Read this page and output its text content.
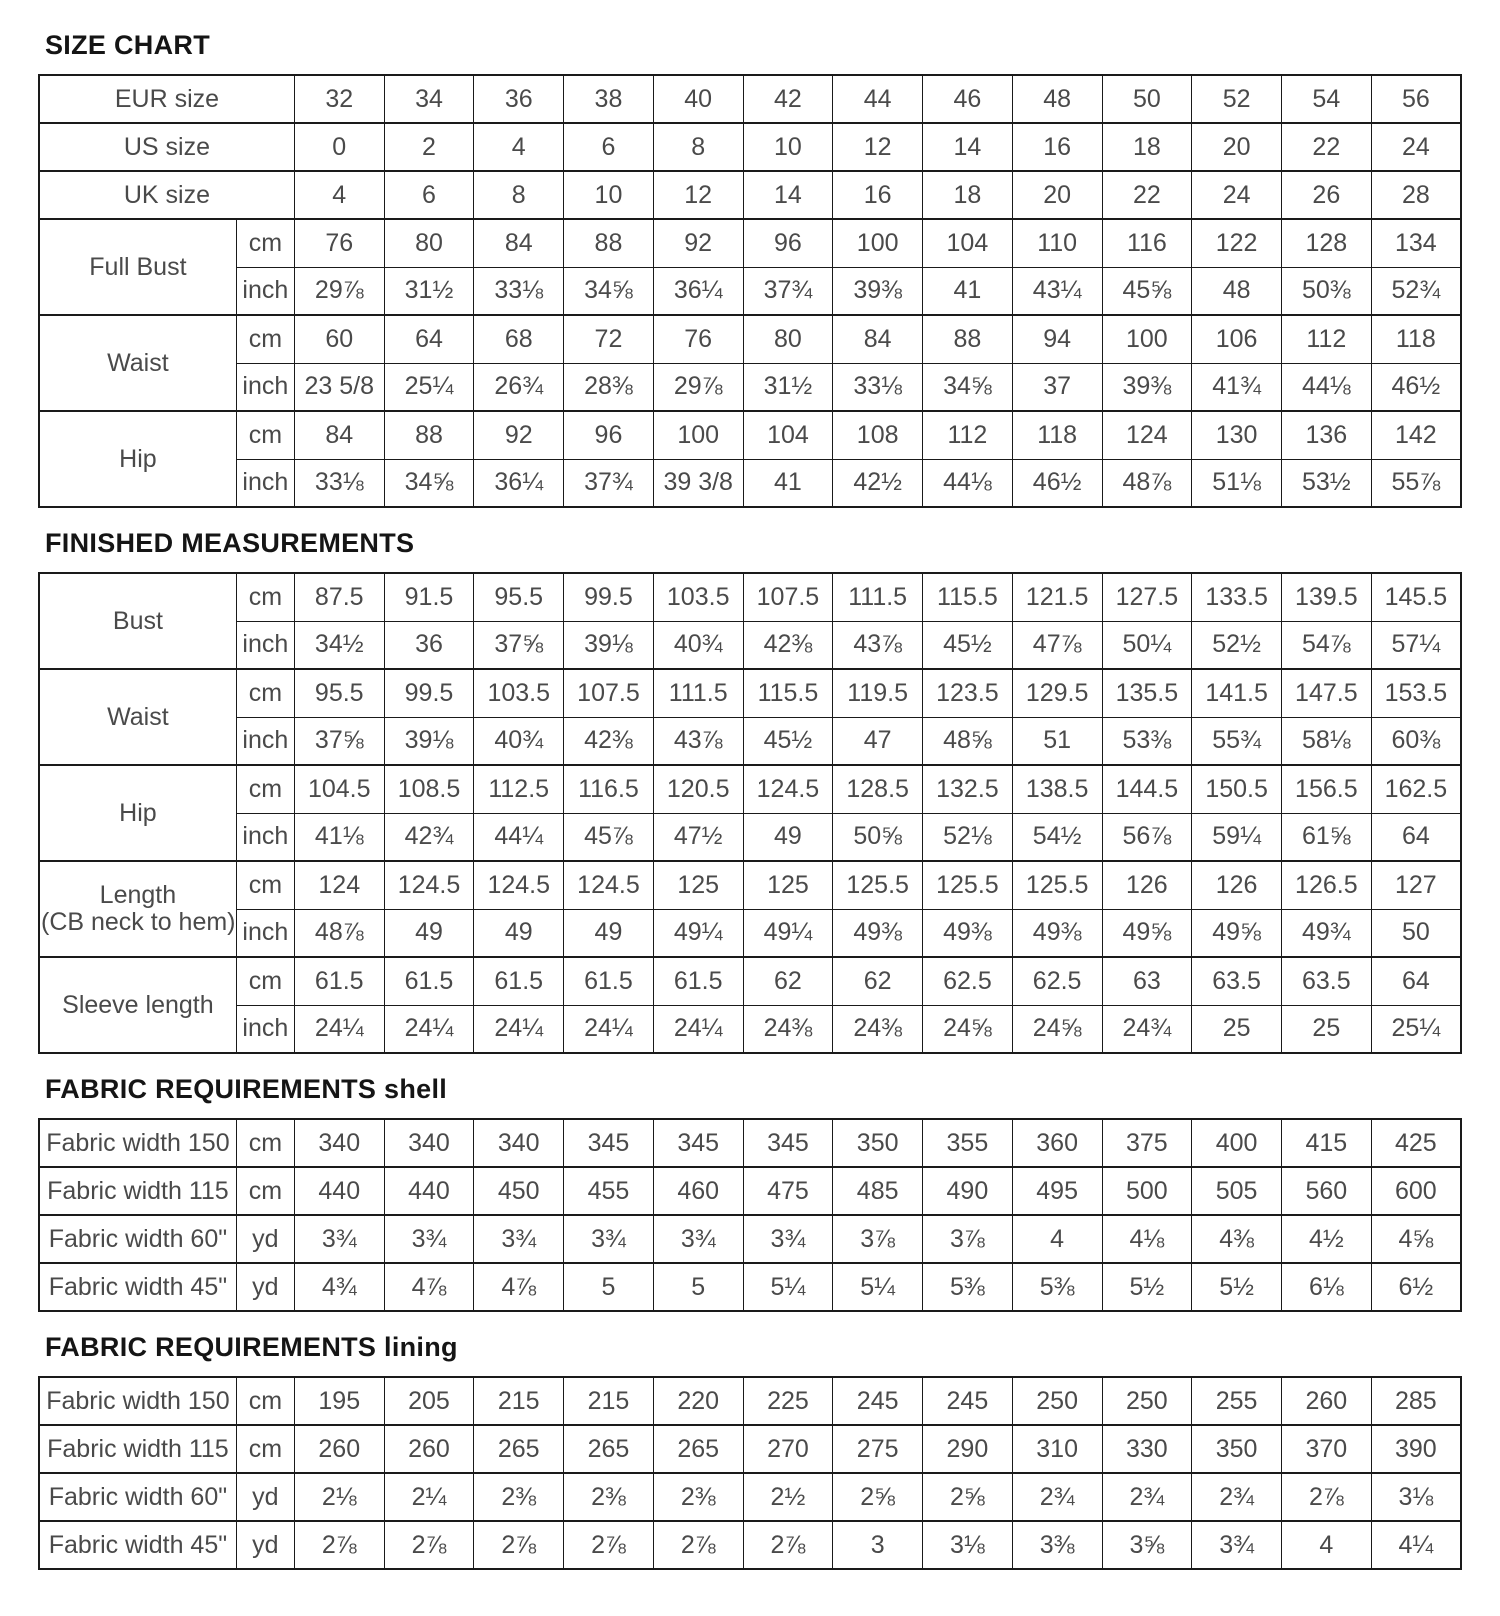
SIZE CHART
EUR size		32	34	36	38	40	42	44	46	48	50	52	54	56

US size		0	2	4	6	8	10	12	14	16	18	20	22	24

UK size		4	6	8	10	12	14	16	18	20	22	24	26	28

Full Bust	cm	76	80	84	88	92	96	100	104	110	116	122	128	134
	inch	29⅞	31½	33⅛	34⅝	36¼	37¾	39⅜	41	43¼	45⅝	48	50⅜	52¾

Waist	cm	60	64	68	72	76	80	84	88	94	100	106	112	118
	inch	23 5/8	25¼	26¾	28⅜	29⅞	31½	33⅛	34⅝	37	39⅜	41¾	44⅛	46½

Hip	cm	84	88	92	96	100	104	108	112	118	124	130	136	142
	inch	33⅛	34⅝	36¼	37¾	39 3/8	41	42½	44⅛	46½	48⅞	51⅛	53½	55⅞
FINISHED MEASUREMENTS
Bust	cm	87.5	91.5	95.5	99.5	103.5	107.5	111.5	115.5	121.5	127.5	133.5	139.5	145.5
	inch	34½	36	37⅝	39⅛	40¾	42⅜	43⅞	45½	47⅞	50¼	52½	54⅞	57¼

Waist	cm	95.5	99.5	103.5	107.5	111.5	115.5	119.5	123.5	129.5	135.5	141.5	147.5	153.5
	inch	37⅝	39⅛	40¾	42⅜	43⅞	45½	47	48⅝	51	53⅜	55¾	58⅛	60⅜

Hip	cm	104.5	108.5	112.5	116.5	120.5	124.5	128.5	132.5	138.5	144.5	150.5	156.5	162.5
	inch	41⅛	42¾	44¼	45⅞	47½	49	50⅝	52⅛	54½	56⅞	59¼	61⅝	64

Length
(CB neck to hem)	cm	124	124.5	124.5	124.5	125	125	125.5	125.5	125.5	126	126	126.5	127
	inch	48⅞	49	49	49	49¼	49¼	49⅜	49⅜	49⅜	49⅝	49⅝	49¾	50

Sleeve length	cm	61.5	61.5	61.5	61.5	61.5	62	62	62.5	62.5	63	63.5	63.5	64
	inch	24¼	24¼	24¼	24¼	24¼	24⅜	24⅜	24⅝	24⅝	24¾	25	25	25¼
FABRIC REQUIREMENTS shell
Fabric width 150	cm	340	340	340	345	345	345	350	355	360	375	400	415	425

Fabric width 115	cm	440	440	450	455	460	475	485	490	495	500	505	560	600

Fabric width 60"	yd	3¾	3¾	3¾	3¾	3¾	3¾	3⅞	3⅞	4	4⅛	4⅜	4½	4⅝

Fabric width 45"	yd	4¾	4⅞	4⅞	5	5	5¼	5¼	5⅜	5⅜	5½	5½	6⅛	6½
FABRIC REQUIREMENTS lining
Fabric width 150	cm	195	205	215	215	220	225	245	245	250	250	255	260	285

Fabric width 115	cm	260	260	265	265	265	270	275	290	310	330	350	370	390

Fabric width 60"	yd	2⅛	2¼	2⅜	2⅜	2⅜	2½	2⅝	2⅝	2¾	2¾	2¾	2⅞	3⅛

Fabric width 45"	yd	2⅞	2⅞	2⅞	2⅞	2⅞	2⅞	3	3⅛	3⅜	3⅝	3¾	4	4¼
